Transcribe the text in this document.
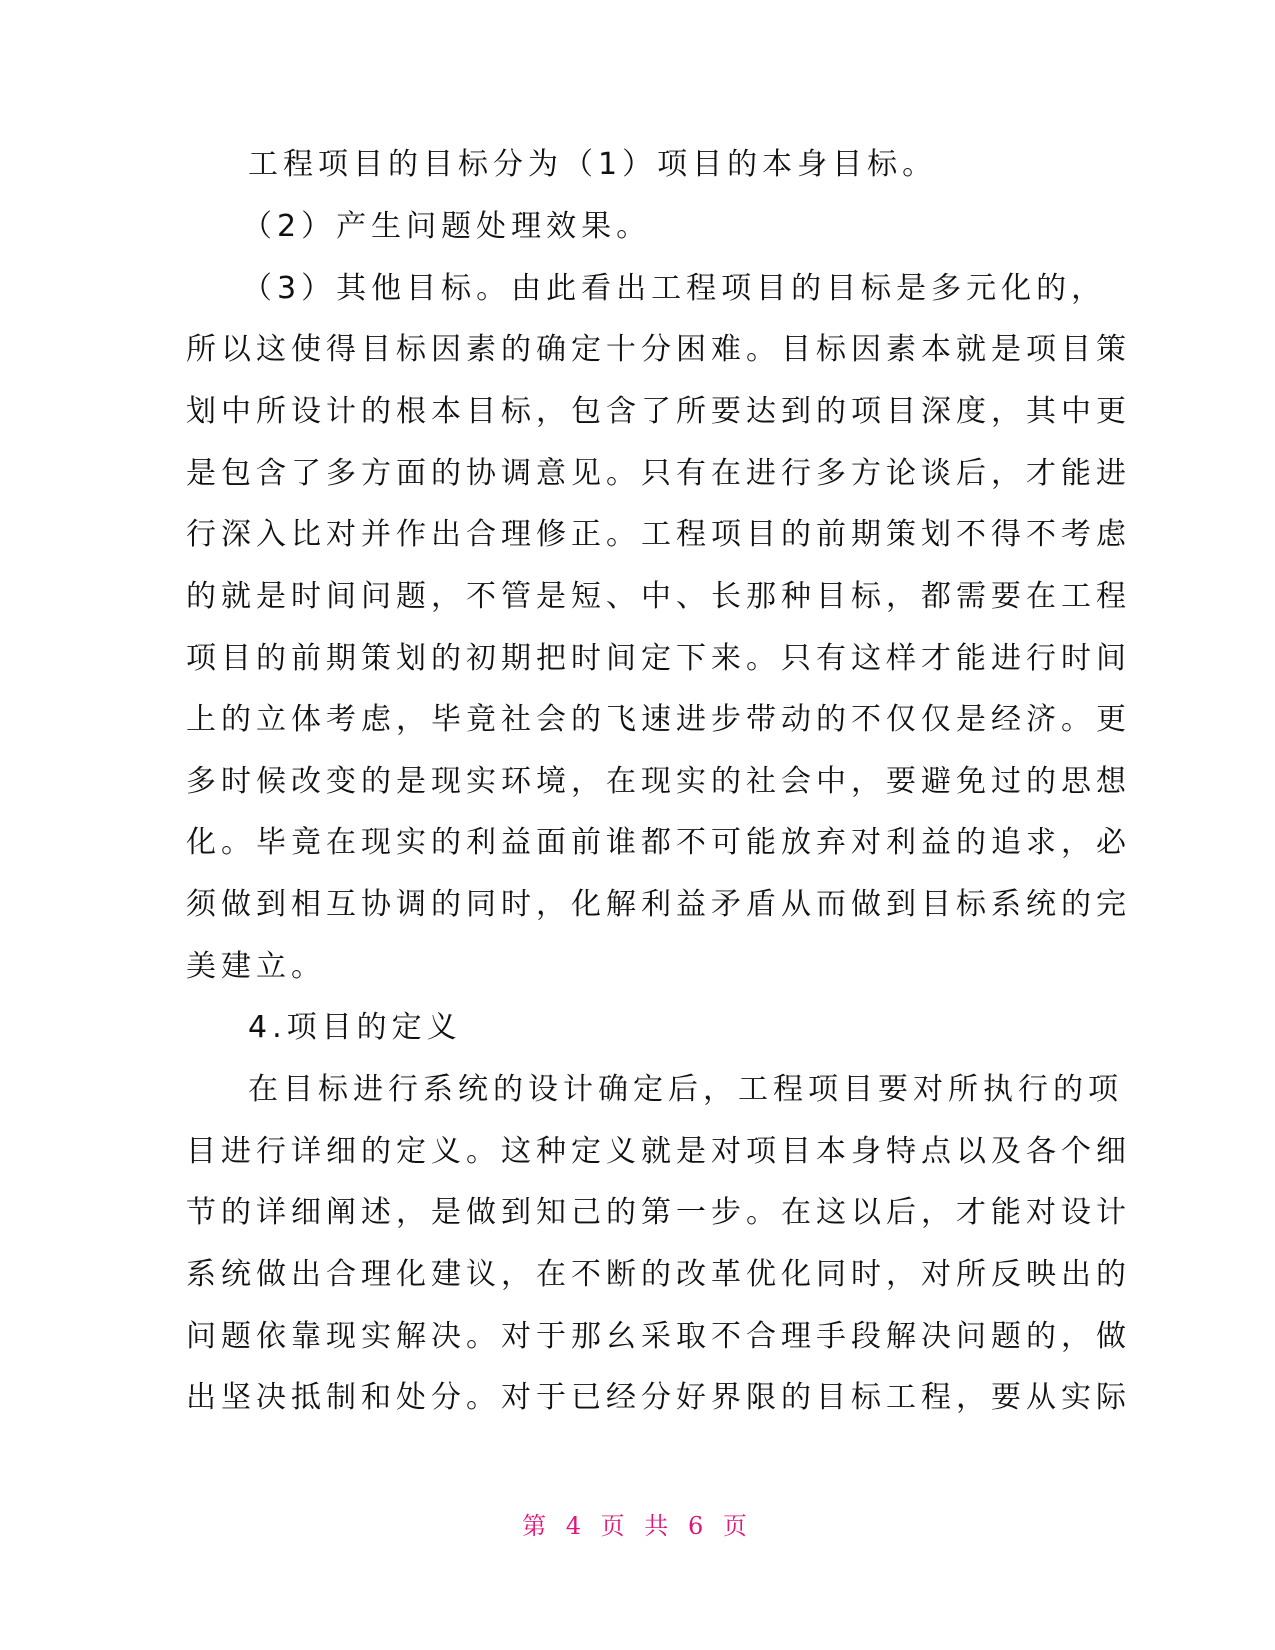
工程项目的目标分为（1）项目的本身目标。
（2）产生问题处理效果。
（3）其他目标。由此看出工程项目的目标是多元化的，
所以这使得目标因素的确定十分困难。目标因素本就是项目策
划中所设计的根本目标，包含了所要达到的项目深度，其中更
是包含了多方面的协调意见。只有在进行多方论谈后，才能进
行深入比对并作出合理修正。工程项目的前期策划不得不考虑
的就是时间问题，不管是短、中、长那种目标，都需要在工程
项目的前期策划的初期把时间定下来。只有这样才能进行时间
上的立体考虑，毕竟社会的飞速进步带动的不仅仅是经济。更
多时候改变的是现实环境，在现实的社会中，要避免过的思想
化。毕竟在现实的利益面前谁都不可能放弃对利益的追求，必
须做到相互协调的同时，化解利益矛盾从而做到目标系统的完
美建立。
4.项目的定义
在目标进行系统的设计确定后，工程项目要对所执行的项
目进行详细的定义。这种定义就是对项目本身特点以及各个细
节的详细阐述，是做到知己的第一步。在这以后，才能对设计
系统做出合理化建议，在不断的改革优化同时，对所反映出的
问题依靠现实解决。对于那幺采取不合理手段解决问题的，做
出坚决抵制和处分。对于已经分好界限的目标工程，要从实际
第 4 页 共 6 页
